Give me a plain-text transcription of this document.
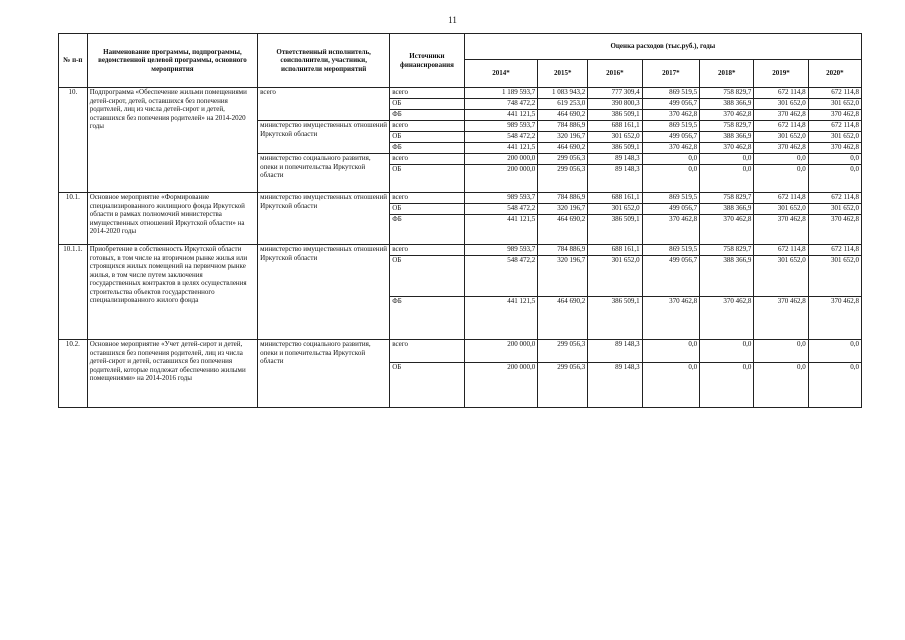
11
№ п-п	Наименование программы, подпрограммы, ведомственной целевой программы, основного мероприятия	Ответственный исполнитель, соисполнители, участники, исполнители мероприятий	Источники финансирования	Оценка расходов (тыс.руб.), годы						
				2014*	2015*	2016*	2017*	2018*	2019*	2020*
10.	Подпрограмма «Обеспечение жильми помещениями детей-сирот, детей, оставшихся без попечения родителей, лиц из числа детей-сирот и детей, оставшихся без попечения родителей» на 2014-2020 годы	всего	всего	1 189 593,7	1 083 943,2	777 309,4	869 519,5	758 829,7	672 114,8	672 114,8
			ОБ	748 472,2	619 253,0	390 800,3	499 056,7	388 366,9	301 652,0	301 652,0
			ФБ	441 121,5	464 690,2	386 509,1	370 462,8	370 462,8	370 462,8	370 462,8
		министерство имущественных отношений Иркутской области	всего	989 593,7	784 886,9	688 161,1	869 519,5	758 829,7	672 114,8	672 114,8
			ОБ	548 472,2	320 196,7	301 652,0	499 056,7	388 366,9	301 652,0	301 652,0
			ФБ	441 121,5	464 690,2	386 509,1	370 462,8	370 462,8	370 462,8	370 462,8
		министерство социального развития, опеки и попечительства Иркутской области	всего	200 000,0	299 056,3	89 148,3	0,0	0,0	0,0	0,0
			ОБ	200 000,0	299 056,3	89 148,3	0,0	0,0	0,0	0,0
10.1.	Основное мероприятие «Формирование специализированного жилищного фонда Иркутской области в рамках полномочий министерства имущественных отношений Иркутской области» на 2014-2020 годы	министерство имущественных отношений Иркутской области	всего	989 593,7	784 886,9	688 161,1	869 519,5	758 829,7	672 114,8	672 114,8
			ОБ	548 472,2	320 196,7	301 652,0	499 056,7	388 366,9	301 652,0	301 652,0
			ФБ	441 121,5	464 690,2	386 509,1	370 462,8	370 462,8	370 462,8	370 462,8
10.1.1.	Приобретение в собственность Иркутской области готовых, в том числе на вторичном рынке жилья или строящихся жилых помещений на первичном рынке жилья, в том числе путем заключения государственных контрактов в целях осуществления строительства объектов государственного специализированного жилого фонда	министерство имущественных отношений Иркутской области	всего	989 593,7	784 886,9	688 161,1	869 519,5	758 829,7	672 114,8	672 114,8
			ОБ	548 472,2	320 196,7	301 652,0	499 056,7	388 366,9	301 652,0	301 652,0
			ФБ	441 121,5	464 690,2	386 509,1	370 462,8	370 462,8	370 462,8	370 462,8
10.2.	Основное мероприятие «Учет детей-сирот и детей, оставшихся без попечения родителей, лиц из числа детей-сирот и детей, оставшихся без попечения родителей, которые подлежат обеспечению жилыми помещениями» на 2014-2016 годы	министерство социального развития, опеки и попечительства Иркутской области	всего	200 000,0	299 056,3	89 148,3	0,0	0,0	0,0	0,0
			ОБ	200 000,0	299 056,3	89 148,3	0,0	0,0	0,0	0,0
